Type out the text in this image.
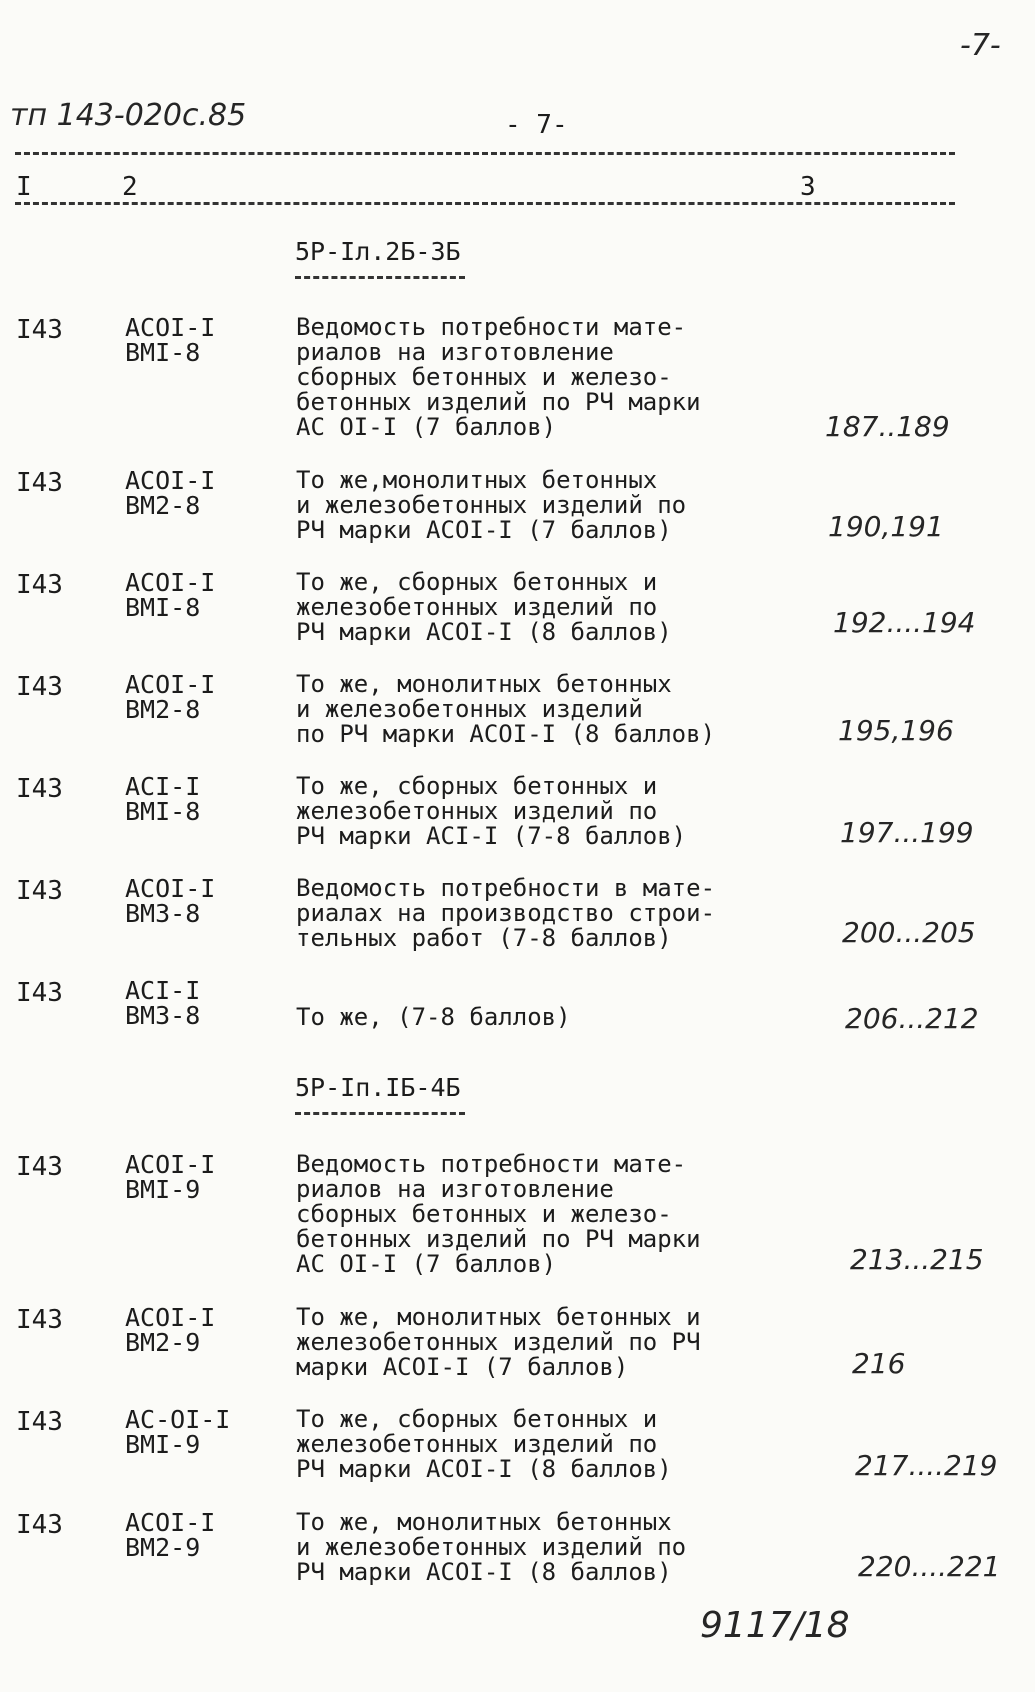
-7-
тп 143-020с.85	- 7-
I	2	3
5Р-Iл.2Б-3Б
5Р-Iп.IБ-4Б
I43 АСОI-I
ВМI-8
Ведомость потребности мате-
риалов на изготовление
сборных бетонных и железо-
бетонных изделий по РЧ марки
АС ОI-I (7 баллов)	187..189
I43 АСОI-I
ВМ2-8
То же,монолитных бетонных
и железобетонных изделий по
РЧ марки АСОI-I (7 баллов)	190,191
I43 АСОI-I
ВМI-8
То же, сборных бетонных и
железобетонных изделий по
РЧ марки АСОI-I (8 баллов)	192....194
I43 АСОI-I
ВМ2-8
То же, монолитных бетонных
и железобетонных изделий
по РЧ марки АСОI-I (8 баллов)	195,196
I43 АСI-I
ВМI-8
То же, сборных бетонных и
железобетонных изделий по
РЧ марки АСI-I (7-8 баллов)	197...199
I43 АСОI-I
ВМ3-8
Ведомость потребности в мате-
риалах на производство строи-
тельных работ (7-8 баллов)	200...205
I43 АСI-I
ВМ3-8	То же, (7-8 баллов)	206...212
I43 АСОI-I
ВМI-9
Ведомость потребности мате-
риалов на изготовление
сборных бетонных и железо-
бетонных изделий по РЧ марки
АС ОI-I (7 баллов)	213...215
I43 АСОI-I
ВМ2-9
То же, монолитных бетонных и
железобетонных изделий по РЧ
марки АСОI-I (7 баллов)	216
I43 АС-ОI-I
ВМI-9
То же, сборных бетонных и
железобетонных изделий по
РЧ марки АСОI-I (8 баллов)	217....219
I43 АСОI-I
ВМ2-9
То же, монолитных бетонных
и железобетонных изделий по
РЧ марки АСОI-I (8 баллов)	220....221
9117/18
